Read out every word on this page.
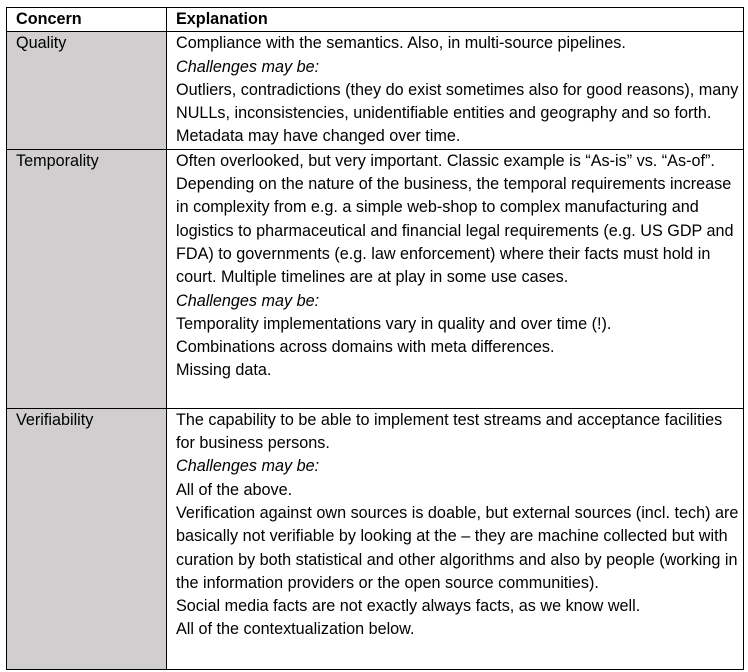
Concern	Explanation
Quality	Compliance with the semantics. Also, in multi-source pipelines.

Challenges may be:

Outliers, contradictions (they do exist sometimes also for good reasons), many NULLs, inconsistencies, unidentifiable entities and geography and so forth. Metadata may have changed over time.

Temporality	Often overlooked, but very important. Classic example is “As-is” vs. “As-of”. Depending on the nature of the business, the temporal requirements increase in complexity from e.g. a simple web-shop to complex manufacturing and logistics to pharmaceutical and financial legal requirements (e.g. US GDP and FDA) to governments (e.g. law enforcement) where their facts must hold in court. Multiple timelines are at play in some use cases.

Challenges may be:

Temporality implementations vary in quality and over time (!).

Combinations across domains with meta differences.

Missing data.

Verifiability	The capability to be able to implement test streams and acceptance facilities for business persons.

Challenges may be:

All of the above.

Verification against own sources is doable, but external sources (incl. tech) are basically not verifiable by looking at the – they are machine collected but with curation by both statistical and other algorithms and also by people (working in the information providers or the open source communities).

Social media facts are not exactly always facts, as we know well.

All of the contextualization below.
